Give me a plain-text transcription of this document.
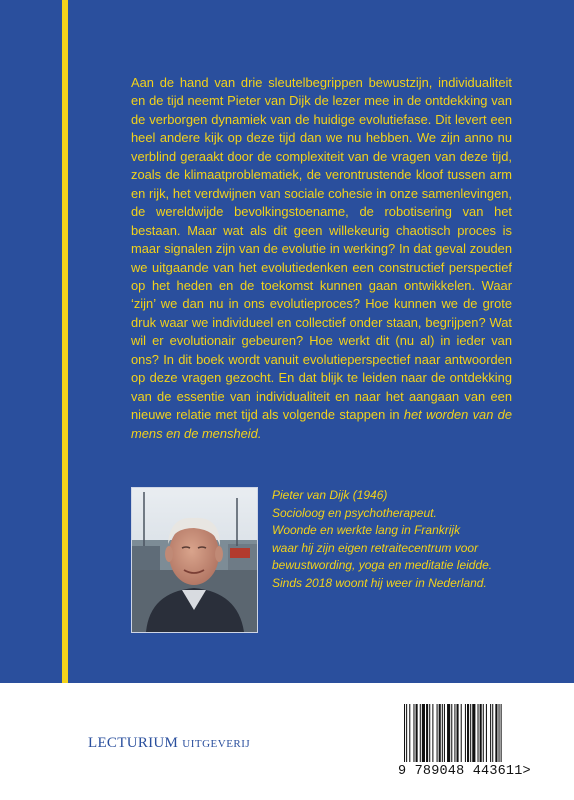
Aan de hand van drie sleutelbegrippen bewustzijn, individualiteit en de tijd neemt Pieter van Dijk de lezer mee in de ontdekking van de verborgen dynamiek van de huidige evolutiefase. Dit levert een heel andere kijk op deze tijd dan we nu hebben. We zijn anno nu verblind geraakt door de complexiteit van de vragen van deze tijd, zoals de klimaatproblematiek, de verontrustende kloof tussen arm en rijk, het verdwijnen van sociale cohesie in onze samenlevingen, de wereldwijde bevolkingstoename, de robotisering van het bestaan. Maar wat als dit geen willekeurig chaotisch proces is maar signalen zijn van de evolutie in werking? In dat geval zouden we uitgaande van het evolutiedenken een constructief perspectief op het heden en de toekomst kunnen gaan ontwikkelen. Waar ‘zijn’ we dan nu in ons evolutieproces? Hoe kunnen we de grote druk waar we individueel en collectief onder staan, begrijpen? Wat wil er evolutionair gebeuren? Hoe werkt dit (nu al) in ieder van ons? In dit boek wordt vanuit evolutieperspectief naar antwoorden op deze vragen gezocht. En dat blijk te leiden naar de ontdekking van de essentie van individualiteit en naar het aangaan van een nieuwe relatie met tijd als volgende stappen in het worden van de mens en de mensheid.

Pieter van Dijk (1946)
Socioloog en psychotherapeut.
Woonde en werkte lang in Frankrijk
waar hij zijn eigen retraitecentrum voor
bewustwording, yoga en meditatie leidde.
Sinds 2018 woont hij weer in Nederland.
LECTURIUM UITGEVERIJ
9 789048 443611>
